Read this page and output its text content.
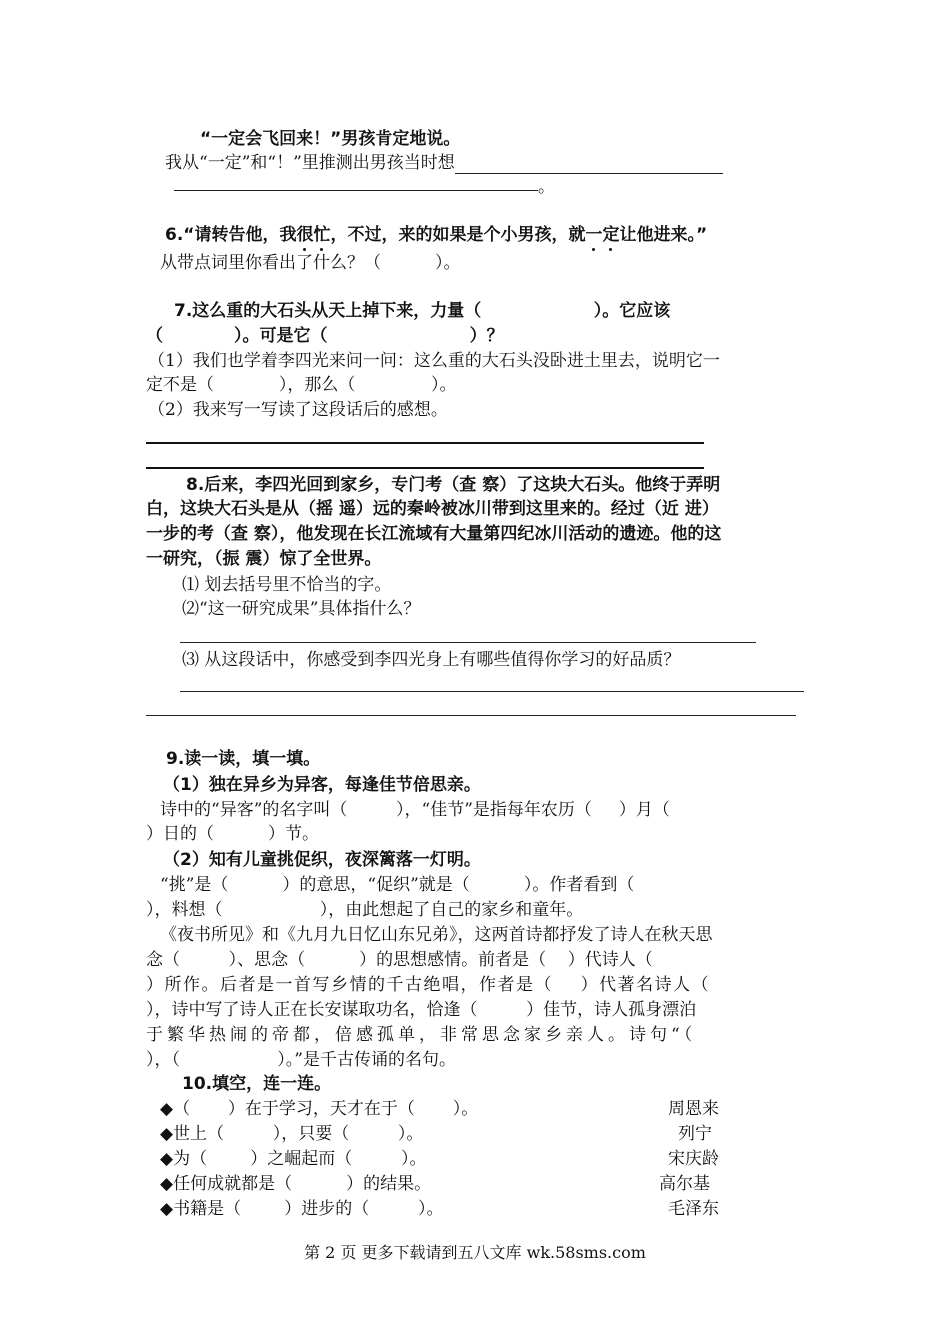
“一定会飞回来！”男孩肯定地说。
我从“一定”和“！”里推测出男孩当时想
。
6.“请转告他，我很忙，不过，来的如果是个小男孩，就一定让他进来。”
从带点词里你看出了什么？（          ）。
7.这么重的大石头从天上掉下来，力量（                   ）。它应该
（            ）。可是它（                        ）？
（1）我们也学着李四光来问一问：这么重的大石头没卧进土里去，说明它一
定不是（            ），那么（              ）。
（2）我来写一写读了这段话后的感想。
8.后来，李四光回到家乡，专门考（查 察）了这块大石头。他终于弄明
白，这块大石头是从（摇 遥）远的秦岭被冰川带到这里来的。经过（近 进）
一步的考（查 察），他发现在长江流域有大量第四纪冰川活动的遗迹。他的这
一研究，（振 震）惊了全世界。
⑴ 划去括号里不恰当的字。
⑵“这一研究成果”具体指什么？
⑶ 从这段话中，你感受到李四光身上有哪些值得你学习的好品质？
9.读一读，填一填。
（1）独在异乡为异客，每逢佳节倍思亲。
诗中的“异客”的名字叫（         ），“佳节”是指每年农历（     ）月（
）日的（          ）节。
（2）知有儿童挑促织，夜深篱落一灯明。
“挑”是（          ）的意思，“促织”就是（          ）。作者看到（
），料想（                  ），由此想起了自己的家乡和童年。
《夜书所见》和《九月九日忆山东兄弟》，这两首诗都抒发了诗人在秋天思
念（         ）、思念（          ）的思想感情。前者是（    ）代诗人（
）所作。后者是一首写乡情的千古绝唱，作者是（    ）代著名诗人（
），诗中写了诗人正在长安谋取功名，恰逢（         ）佳节，诗人孤身漂泊
于繁华热闹的帝都，倍感孤单，非常思念家乡亲人。诗句“（
），（                  ）。”是千古传诵的名句。
10.填空，连一连。
◆（       ）在于学习，天才在于（       ）。	周恩来
◆世上（         ），只要（         ）。	列宁
◆为（        ）之崛起而（         ）。	宋庆龄
◆任何成就都是（          ）的结果。	高尔基
◆书籍是（        ）进步的（         ）。	毛泽东
第 2 页 更多下载请到五八文库 wk.58sms.com
